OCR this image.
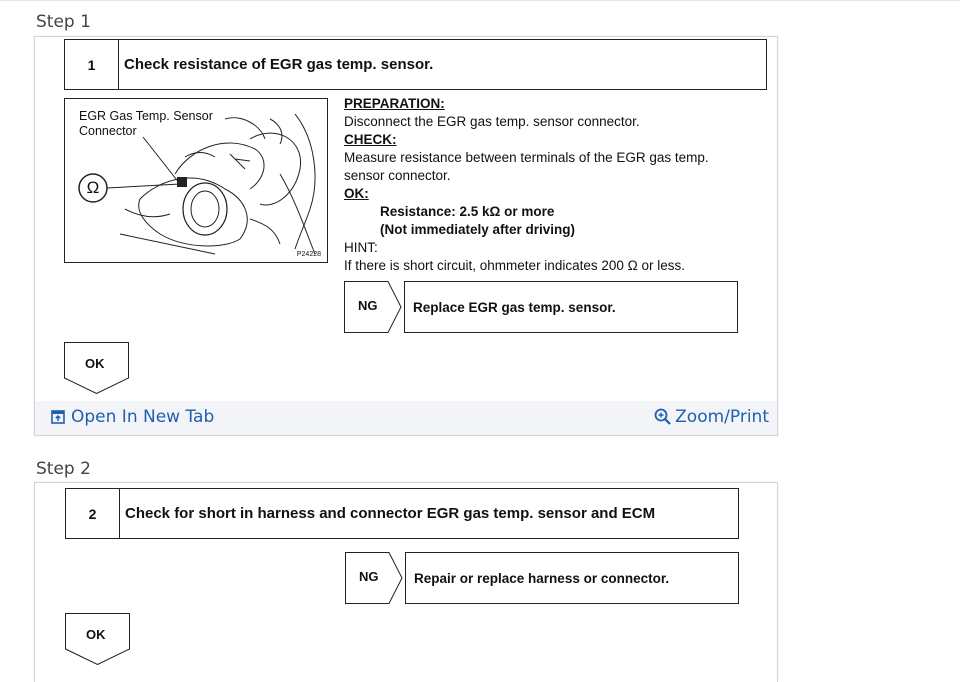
Step 1
1	Check resistance of EGR gas temp. sensor.
EGR Gas Temp. Sensor
Connector
Ω
P24228
PREPARATION:
Disconnect the EGR gas temp. sensor connector.
CHECK:
Measure resistance between terminals of the EGR gas temp.
sensor connector.
OK:
Resistance: 2.5 kΩ or more
(Not immediately after driving)
HINT:
If there is short circuit, ohmmeter indicates 200 Ω or less.
NG	Replace EGR gas temp. sensor.
OK
Open In New Tab	Zoom/Print
Step 2
2	Check for short in harness and connector EGR gas temp. sensor and ECM
NG	Repair or replace harness or connector.
OK
